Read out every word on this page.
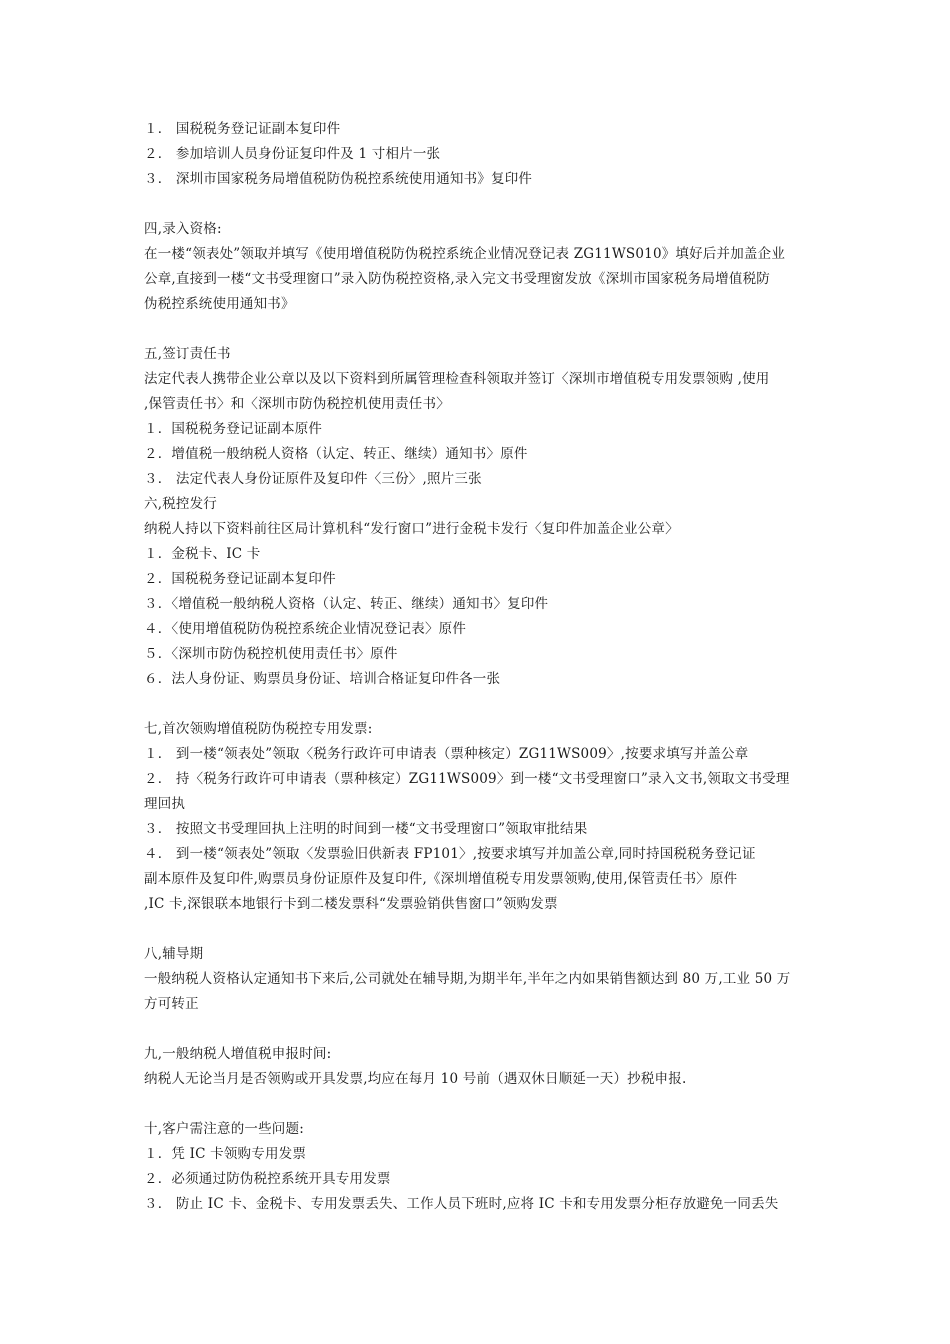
１． 国税税务登记证副本复印件
２． 参加培训人员身份证复印件及 1 寸相片一张
３． 深圳市国家税务局增值税防伪税控系统使用通知书》复印件
四,录入资格:
在一楼“领表处”领取并填写《使用增值税防伪税控系统企业情况登记表 ZG11WS010》填好后并加盖企业
公章,直接到一楼“文书受理窗口”录入防伪税控资格,录入完文书受理窗发放《深圳市国家税务局增值税防
伪税控系统使用通知书》
五,签订责任书
法定代表人携带企业公章以及以下资料到所属管理检查科领取并签订〈深圳市增值税专用发票领购 ,使用
,保管责任书〉和〈深圳市防伪税控机使用责任书〉
１．国税税务登记证副本原件
２．增值税一般纳税人资格（认定、转正、继续）通知书〉原件
３． 法定代表人身份证原件及复印件〈三份〉,照片三张
六,税控发行
纳税人持以下资料前往区局计算机科“发行窗口”进行金税卡发行〈复印件加盖企业公章〉
１．金税卡、IC 卡
２．国税税务登记证副本复印件
３．〈增值税一般纳税人资格（认定、转正、继续）通知书〉复印件
４．〈使用增值税防伪税控系统企业情况登记表〉原件
５．〈深圳市防伪税控机使用责任书〉原件
６．法人身份证、购票员身份证、培训合格证复印件各一张
七,首次领购增值税防伪税控专用发票:
１． 到一楼“领表处”领取〈税务行政许可申请表（票种核定）ZG11WS009〉,按要求填写并盖公章
２． 持〈税务行政许可申请表（票种核定）ZG11WS009〉到一楼“文书受理窗口”录入文书,领取文书受理
理回执
３． 按照文书受理回执上注明的时间到一楼“文书受理窗口”领取审批结果
４． 到一楼“领表处”领取〈发票验旧供新表 FP101〉,按要求填写并加盖公章,同时持国税税务登记证
副本原件及复印件,购票员身份证原件及复印件,《深圳增值税专用发票领购,使用,保管责任书〉原件
,IC 卡,深银联本地银行卡到二楼发票科“发票验销供售窗口”领购发票
八,辅导期
一般纳税人资格认定通知书下来后,公司就处在辅导期,为期半年,半年之内如果销售额达到 80 万,工业 50 万
方可转正
九,一般纳税人增值税申报时间:
纳税人无论当月是否领购或开具发票,均应在每月 10 号前（遇双休日顺延一天）抄税申报.
十,客户需注意的一些问题:
１．凭 IC 卡领购专用发票
２．必须通过防伪税控系统开具专用发票
３． 防止 IC 卡、金税卡、专用发票丢失、工作人员下班时,应将 IC 卡和专用发票分柜存放避免一同丢失
